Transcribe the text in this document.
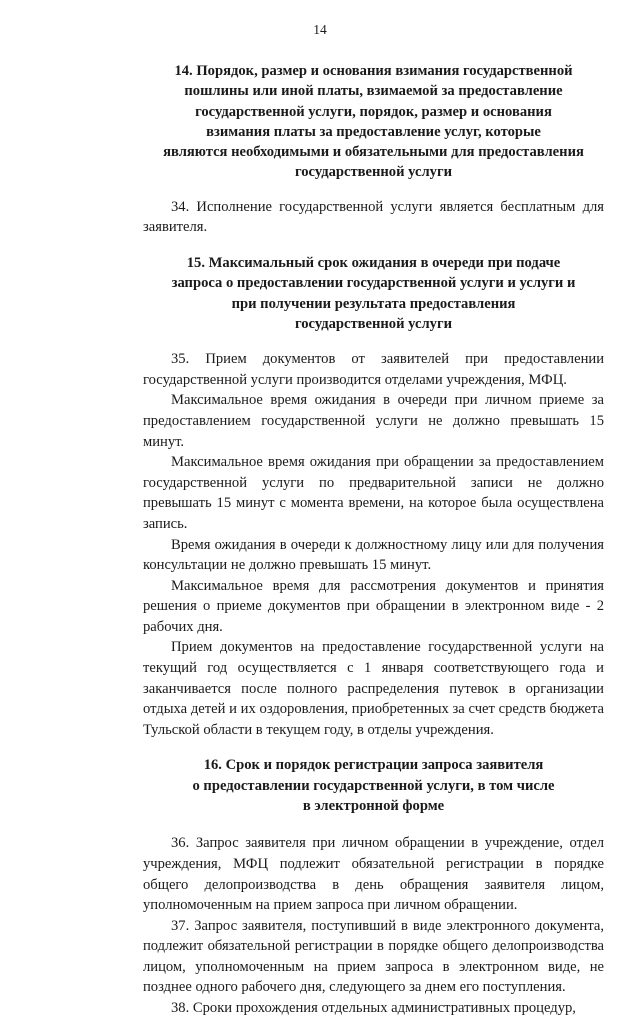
14
14. Порядок, размер и основания взимания государственной
пошлины или иной платы, взимаемой за предоставление
государственной услуги, порядок, размер и основания
взимания платы за предоставление услуг, которые
являются необходимыми и обязательными для предоставления
государственной услуги

34. Исполнение государственной услуги является бесплатным для заявителя.

15. Максимальный срок ожидания в очереди при подаче
запроса о предоставлении государственной услуги и услуги и
при получении результата предоставления
государственной услуги

35. Прием документов от заявителей при предоставлении государственной услуги производится отделами учреждения, МФЦ.

Максимальное время ожидания в очереди при личном приеме за предоставлением государственной услуги не должно превышать 15 минут.

Максимальное время ожидания при обращении за предоставлением государственной услуги по предварительной записи не должно превышать 15 минут с момента времени, на которое была осуществлена запись.

Время ожидания в очереди к должностному лицу или для получения консультации не должно превышать 15 минут.

Максимальное время для рассмотрения документов и принятия решения о приеме документов при обращении в электронном виде - 2 рабочих дня.

Прием документов на предоставление государственной услуги на текущий год осуществляется с 1 января соответствующего года и заканчивается после полного распределения путевок в организации отдыха детей и их оздоровления, приобретенных за счет средств бюджета Тульской области в текущем году, в отделы учреждения.

16. Срок и порядок регистрации запроса заявителя
о предоставлении государственной услуги, в том числе
в электронной форме

36. Запрос заявителя при личном обращении в учреждение, отдел учреждения, МФЦ подлежит обязательной регистрации в порядке общего делопроизводства в день обращения заявителя лицом, уполномоченным на прием запроса при личном обращении.

37. Запрос заявителя, поступивший в виде электронного документа, подлежит обязательной регистрации в порядке общего делопроизводства лицом, уполномоченным на прием запроса в электронном виде, не позднее одного рабочего дня, следующего за днем его поступления.

38. Сроки прохождения отдельных административных процедур,
